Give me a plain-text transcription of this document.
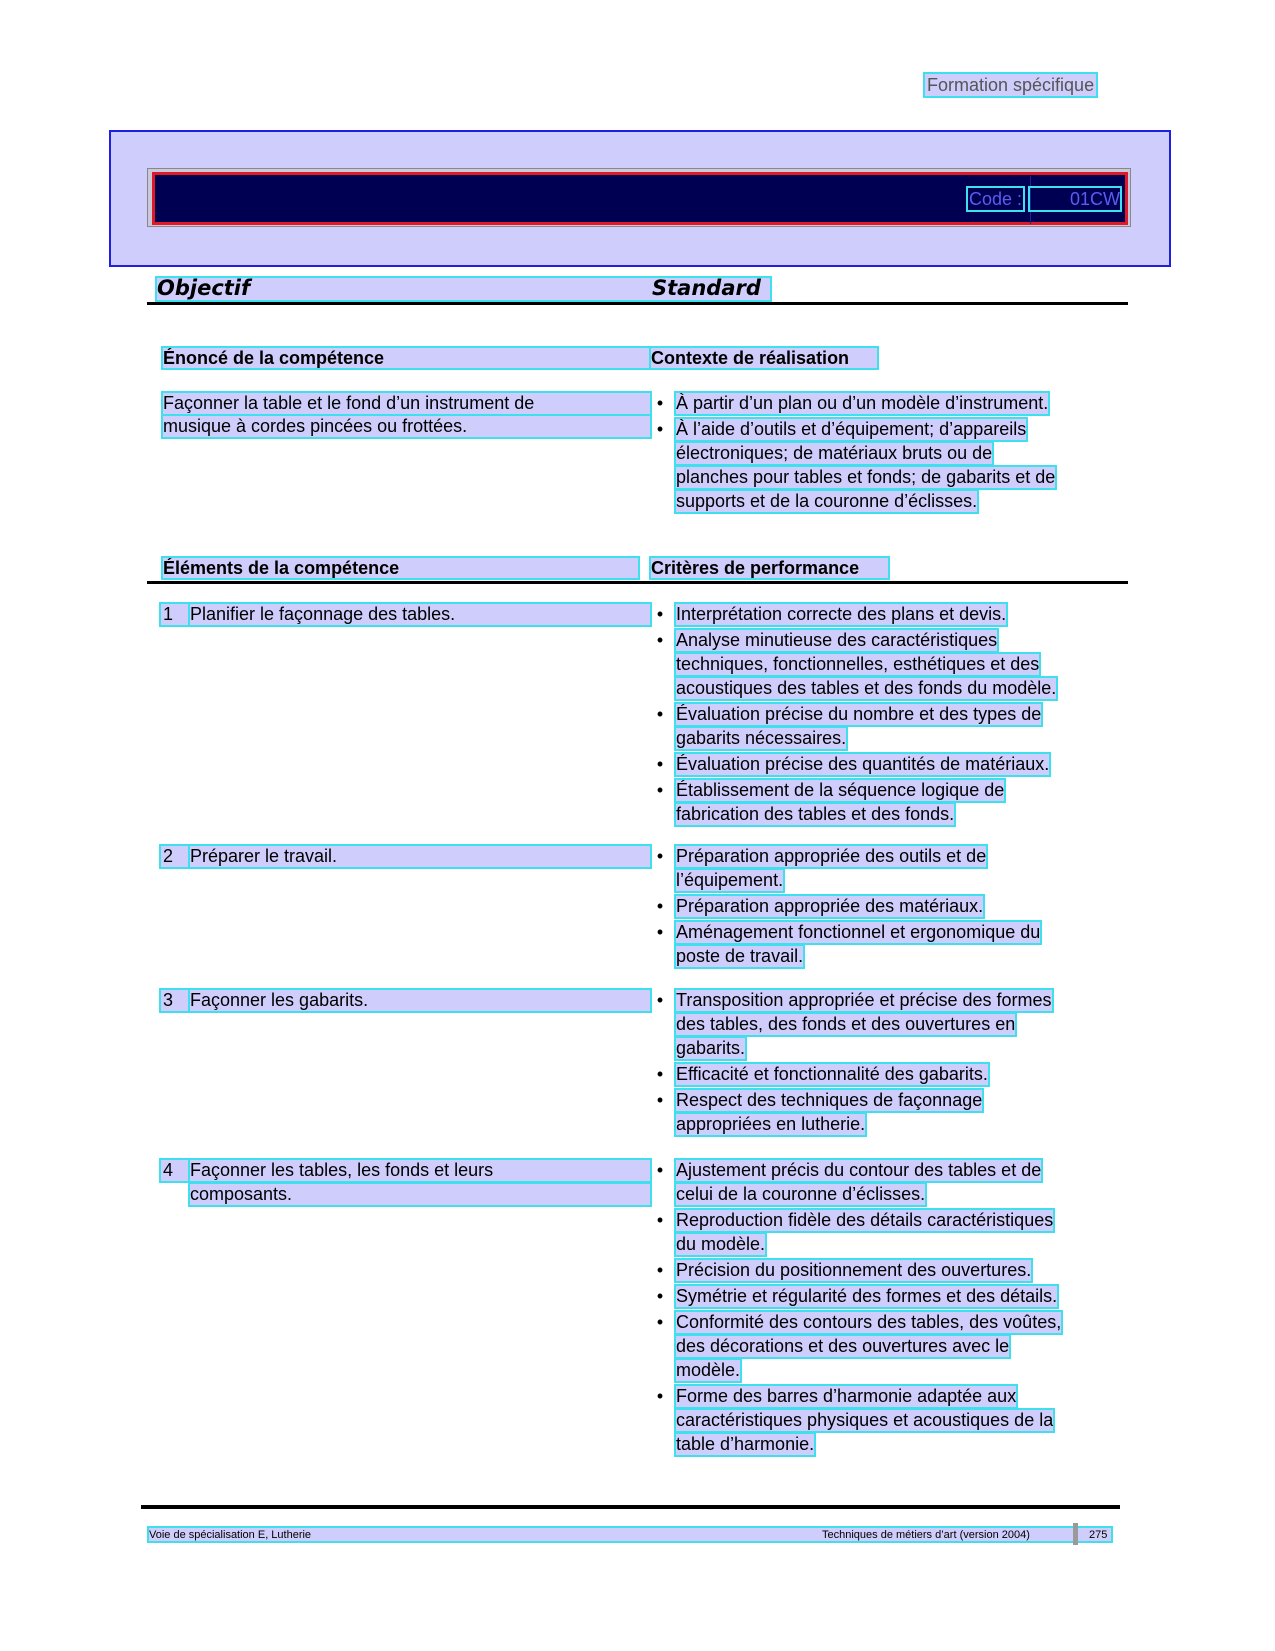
Formation spécifique
Code :	01CW
Objectif	Standard
Énoncé de la compétence	Contexte de réalisation
Façonner la table et le fond d’un instrument de
musique à cordes pincées ou frottées.
• À partir d’un plan ou d’un modèle d’instrument.
• À l’aide d’outils et d’équipement; d’appareils
électroniques; de matériaux bruts ou de
planches pour tables et fonds; de gabarits et de
supports et de la couronne d’éclisses.
Éléments de la compétence	Critères de performance
1 Planifier le façonnage des tables.	• Interprétation correcte des plans et devis.
• Analyse minutieuse des caractéristiques
techniques, fonctionnelles, esthétiques et des
acoustiques des tables et des fonds du modèle.
• Évaluation précise du nombre et des types de
gabarits nécessaires.
• Évaluation précise des quantités de matériaux.
• Établissement de la séquence logique de
fabrication des tables et des fonds.
2 Préparer le travail.	• Préparation appropriée des outils et de
l’équipement.
• Préparation appropriée des matériaux.
• Aménagement fonctionnel et ergonomique du
poste de travail.
3 Façonner les gabarits.	• Transposition appropriée et précise des formes
des tables, des fonds et des ouvertures en
gabarits.
• Efficacité et fonctionnalité des gabarits.
• Respect des techniques de façonnage
appropriées en lutherie.
4 Façonner les tables, les fonds et leurs
composants.
• Ajustement précis du contour des tables et de
celui de la couronne d’éclisses.
• Reproduction fidèle des détails caractéristiques
du modèle.
• Précision du positionnement des ouvertures.
• Symétrie et régularité des formes et des détails.
• Conformité des contours des tables, des voûtes,
des décorations et des ouvertures avec le
modèle.
• Forme des barres d’harmonie adaptée aux
caractéristiques physiques et acoustiques de la
table d’harmonie.
Voie de spécialisation E, Lutherie	Techniques de métiers d’art (version 2004)	275
